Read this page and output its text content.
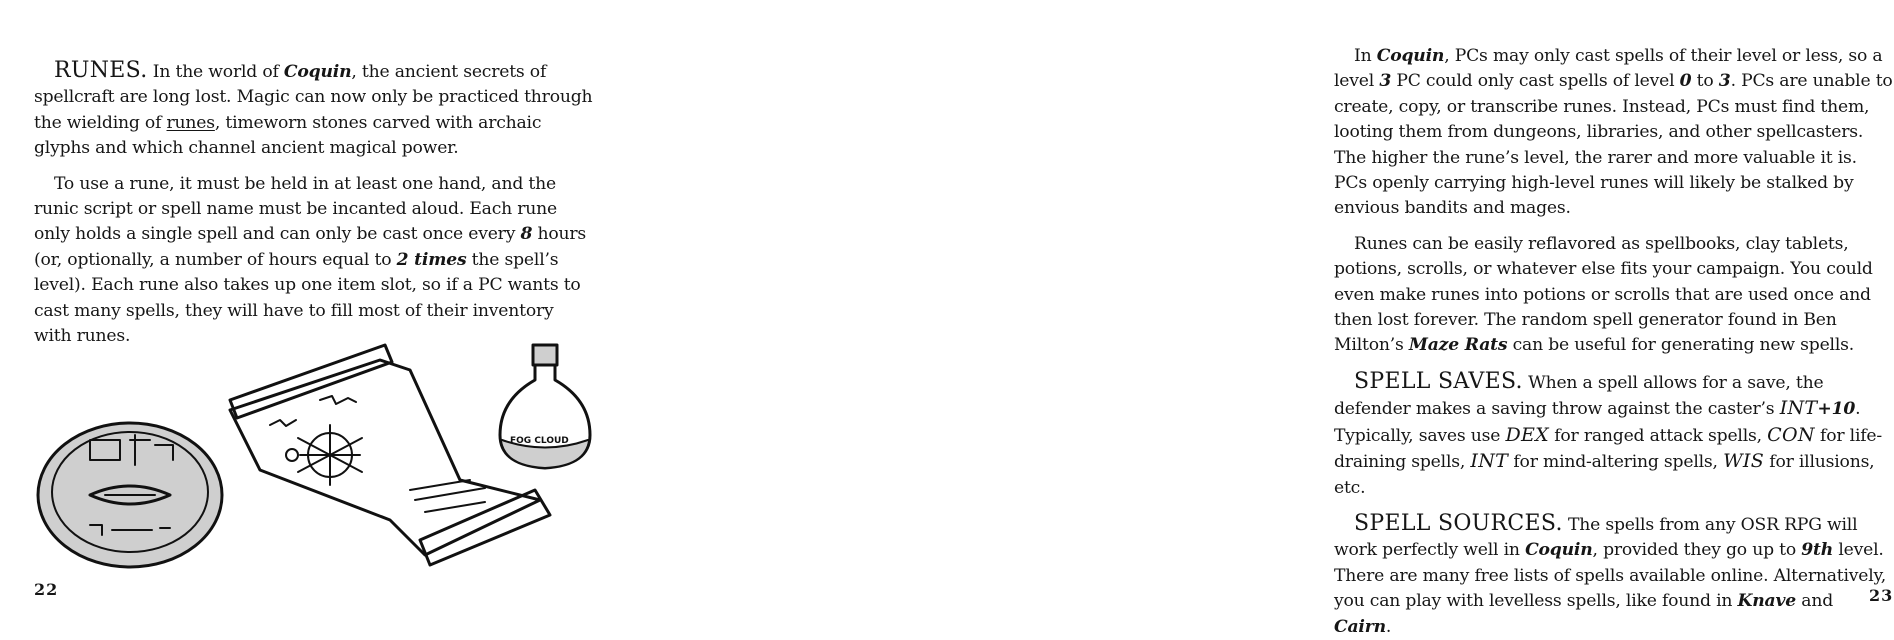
RUNES. In the world of Coquin, the ancient secrets of spellcraft are long lost. Magic can now only be practiced through the wielding of runes, timeworn stones carved with archaic glyphs and which channel ancient magical power.

To use a rune, it must be held in at least one hand, and the runic script or spell name must be incanted aloud. Each rune only holds a single spell and can only be cast once every 8 hours (or, optionally, a number of hours equal to 2 times the spell’s level). Each rune also takes up one item slot, so if a PC wants to cast many spells, they will have to fill most of their inventory with runes.

FOG CLOUD
22

In Coquin, PCs may only cast spells of their level or less, so a level 3 PC could only cast spells of level 0 to 3. PCs are unable to create, copy, or transcribe runes. Instead, PCs must find them, looting them from dungeons, libraries, and other spellcasters. The higher the rune’s level, the rarer and more valuable it is. PCs openly carrying high-level runes will likely be stalked by envious bandits and mages.

Runes can be easily reflavored as spellbooks, clay tablets, potions, scrolls, or whatever else fits your campaign. You could even make runes into potions or scrolls that are used once and then lost forever. The random spell generator found in Ben Milton’s Maze Rats can be useful for generating new spells.

SPELL SAVES. When a spell allows for a save, the defender makes a saving throw against the caster’s INT+10. Typically, saves use DEX for ranged attack spells, CON for life-draining spells, INT for mind-altering spells, WIS for illusions, etc.

SPELL SOURCES. The spells from any OSR RPG will work perfectly well in Coquin, provided they go up to 9th level. There are many free lists of spells available online. Alternatively, you can play with levelless spells, like found in Knave and Cairn.

23
